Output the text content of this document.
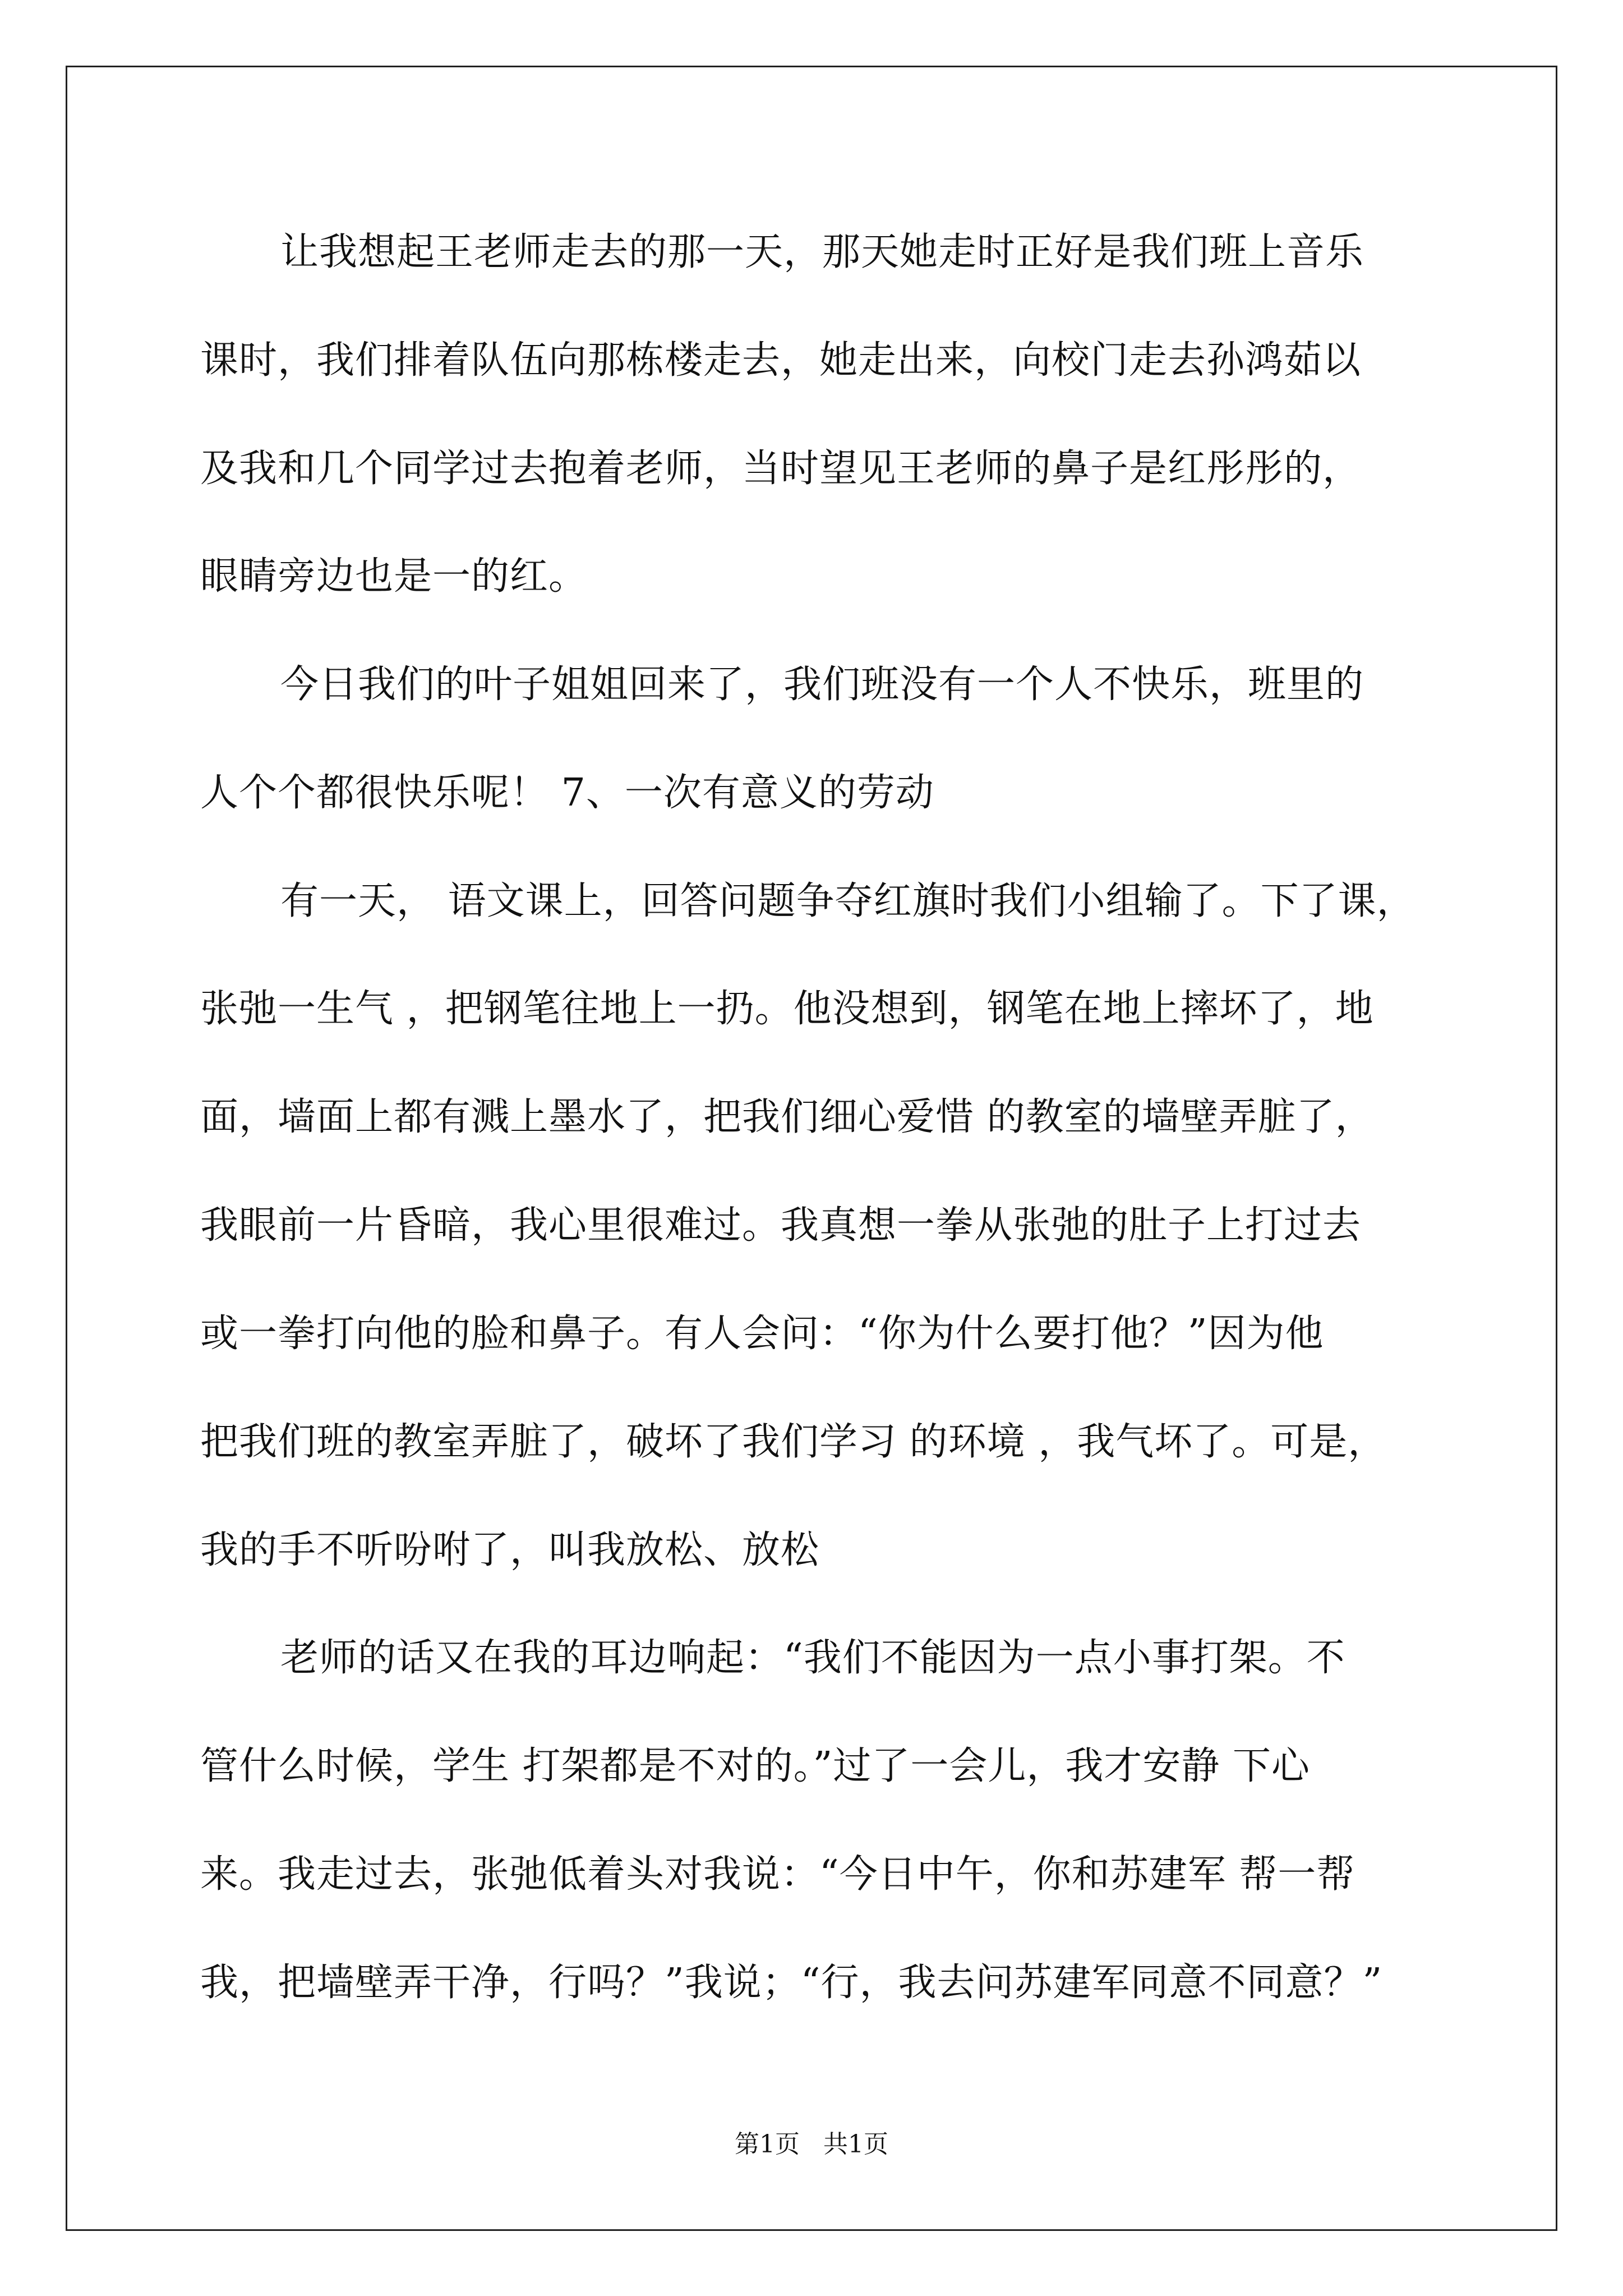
让我想起王老师走去的那一天，那天她走时正好是我们班上音乐
课时，我们排着队伍向那栋楼走去，她走出来，向校门走去孙鸿茹以
及我和几个同学过去抱着老师，当时望见王老师的鼻子是红彤彤的，
眼睛旁边也是一的红。
今日我们的叶子姐姐回来了，我们班没有一个人不快乐，班里的
人个个都很快乐呢！ 7、一次有意义的劳动
有一天， 语文课上，回答问题争夺红旗时我们小组输了。下了课，
张弛一生气 ，把钢笔往地上一扔。他没想到，钢笔在地上摔坏了，地
面，墙面上都有溅上墨水了，把我们细心爱惜 的教室的墙壁弄脏了，
我眼前一片昏暗，我心里很难过。我真想一拳从张弛的肚子上打过去
或一拳打向他的脸和鼻子。有人会问：“你为什么要打他？”因为他
把我们班的教室弄脏了，破坏了我们学习 的环境 ，我气坏了。可是，
我的手不听吩咐了，叫我放松、放松
老师的话又在我的耳边响起：“我们不能因为一点小事打架。不
管什么时候，学生 打架都是不对的。”过了一会儿，我才安静 下心
来。我走过去，张弛低着头对我说：“今日中午，你和苏建军 帮一帮
我，把墙壁弄干净，行吗？”我说；“行，我去问苏建军同意不同意？”
第1页   共1页
